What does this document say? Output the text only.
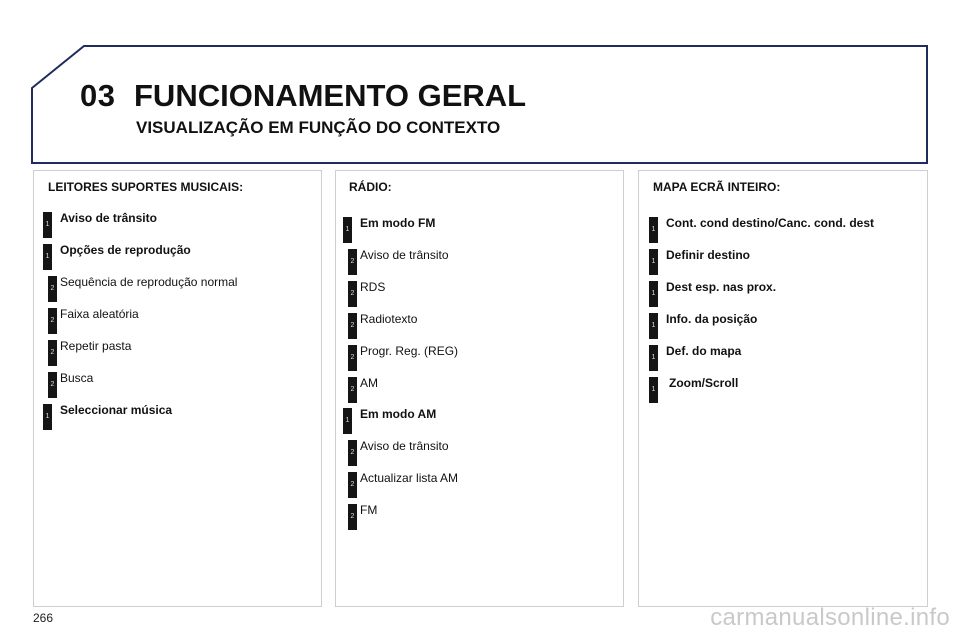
03 FUNCIONAMENTO GERAL
VISUALIZAÇÃO EM FUNÇÃO DO CONTEXTO
LEITORES SUPORTES MUSICAIS:
1 Aviso de trânsito
1 Opções de reprodução
2 Sequência de reprodução normal
2 Faixa aleatória
2 Repetir pasta
2 Busca
1 Seleccionar música
RÁDIO:
1 Em modo FM
2 Aviso de trânsito
2 RDS
2 Radiotexto
2 Progr. Reg. (REG)
2 AM
1 Em modo AM
2 Aviso de trânsito
2 Actualizar lista AM
2 FM
MAPA ECRÃ INTEIRO:
1 Cont. cond destino/Canc. cond. dest
1 Definir destino
1 Dest esp. nas prox.
1 Info. da posição
1 Def. do mapa
1 Zoom/Scroll
266	carmanualsonline.info
